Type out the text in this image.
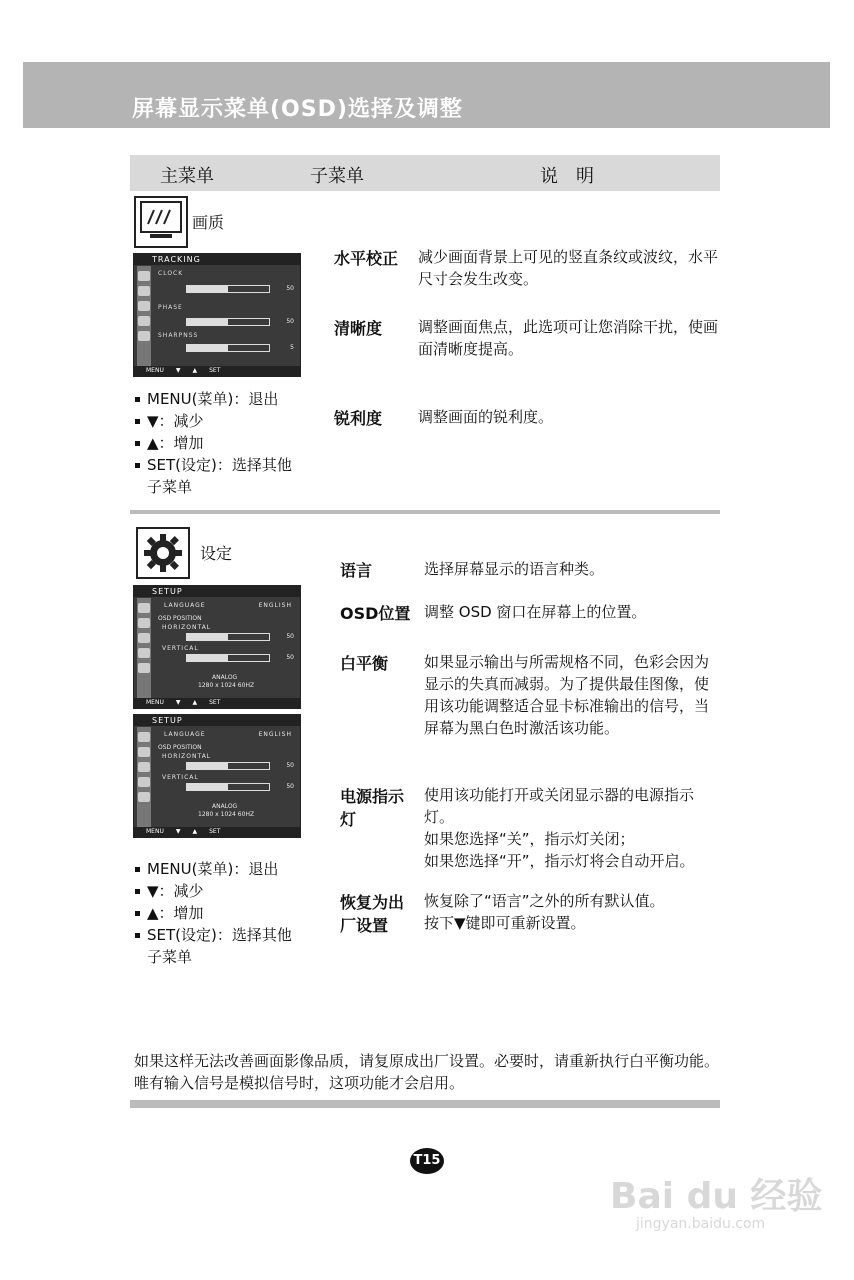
屏幕显示菜单(OSD)选择及调整
主菜单	子菜单	说　明
画质
TRACKING
CLOCK
50
PHASE
50
SHARPNSS
5
MENU ▼ ▲ SET
MENU(菜单)：退出
▼：减少
▲：增加
SET(设定)：选择其他
子菜单
水平校正 减少画面背景上可见的竖直条纹或波纹，水平尺寸会发生改变。
清晰度 调整画面焦点，此选项可让您消除干扰，使画面清晰度提高。
锐利度 调整画面的锐利度。
设定
SETUP
LANGUAGE	ENGLISH
OSD POSITION
HORIZONTAL
50
VERTICAL
50
ANALOG
1280 x 1024 60HZ
MENU ▼ ▲ SET
SETUP
LANGUAGE	ENGLISH
OSD POSITION
HORIZONTAL
50
VERTICAL
50
ANALOG
1280 x 1024 60HZ
MENU ▼ ▲ SET
MENU(菜单)：退出
▼：减少
▲：增加
SET(设定)：选择其他
子菜单
语言	选择屏幕显示的语言种类。
OSD位置 调整 OSD 窗口在屏幕上的位置。
白平衡 如果显示输出与所需规格不同，色彩会因为显示的失真而减弱。为了提供最佳图像，使用该功能调整适合显卡标准输出的信号，当屏幕为黑白色时激活该功能。
电源指示灯
使用该功能打开或关闭显示器的电源指示灯。
如果您选择“关”，指示灯关闭；
如果您选择“开”，指示灯将会自动开启。
恢复为出厂设置
恢复除了“语言”之外的所有默认值。
按下▼键即可重新设置。
如果这样无法改善画面影像品质，请复原成出厂设置。必要时，请重新执行白平衡功能。唯有输入信号是模拟信号时，这项功能才会启用。
T15
Bai du 经验
jingyan.baidu.com
